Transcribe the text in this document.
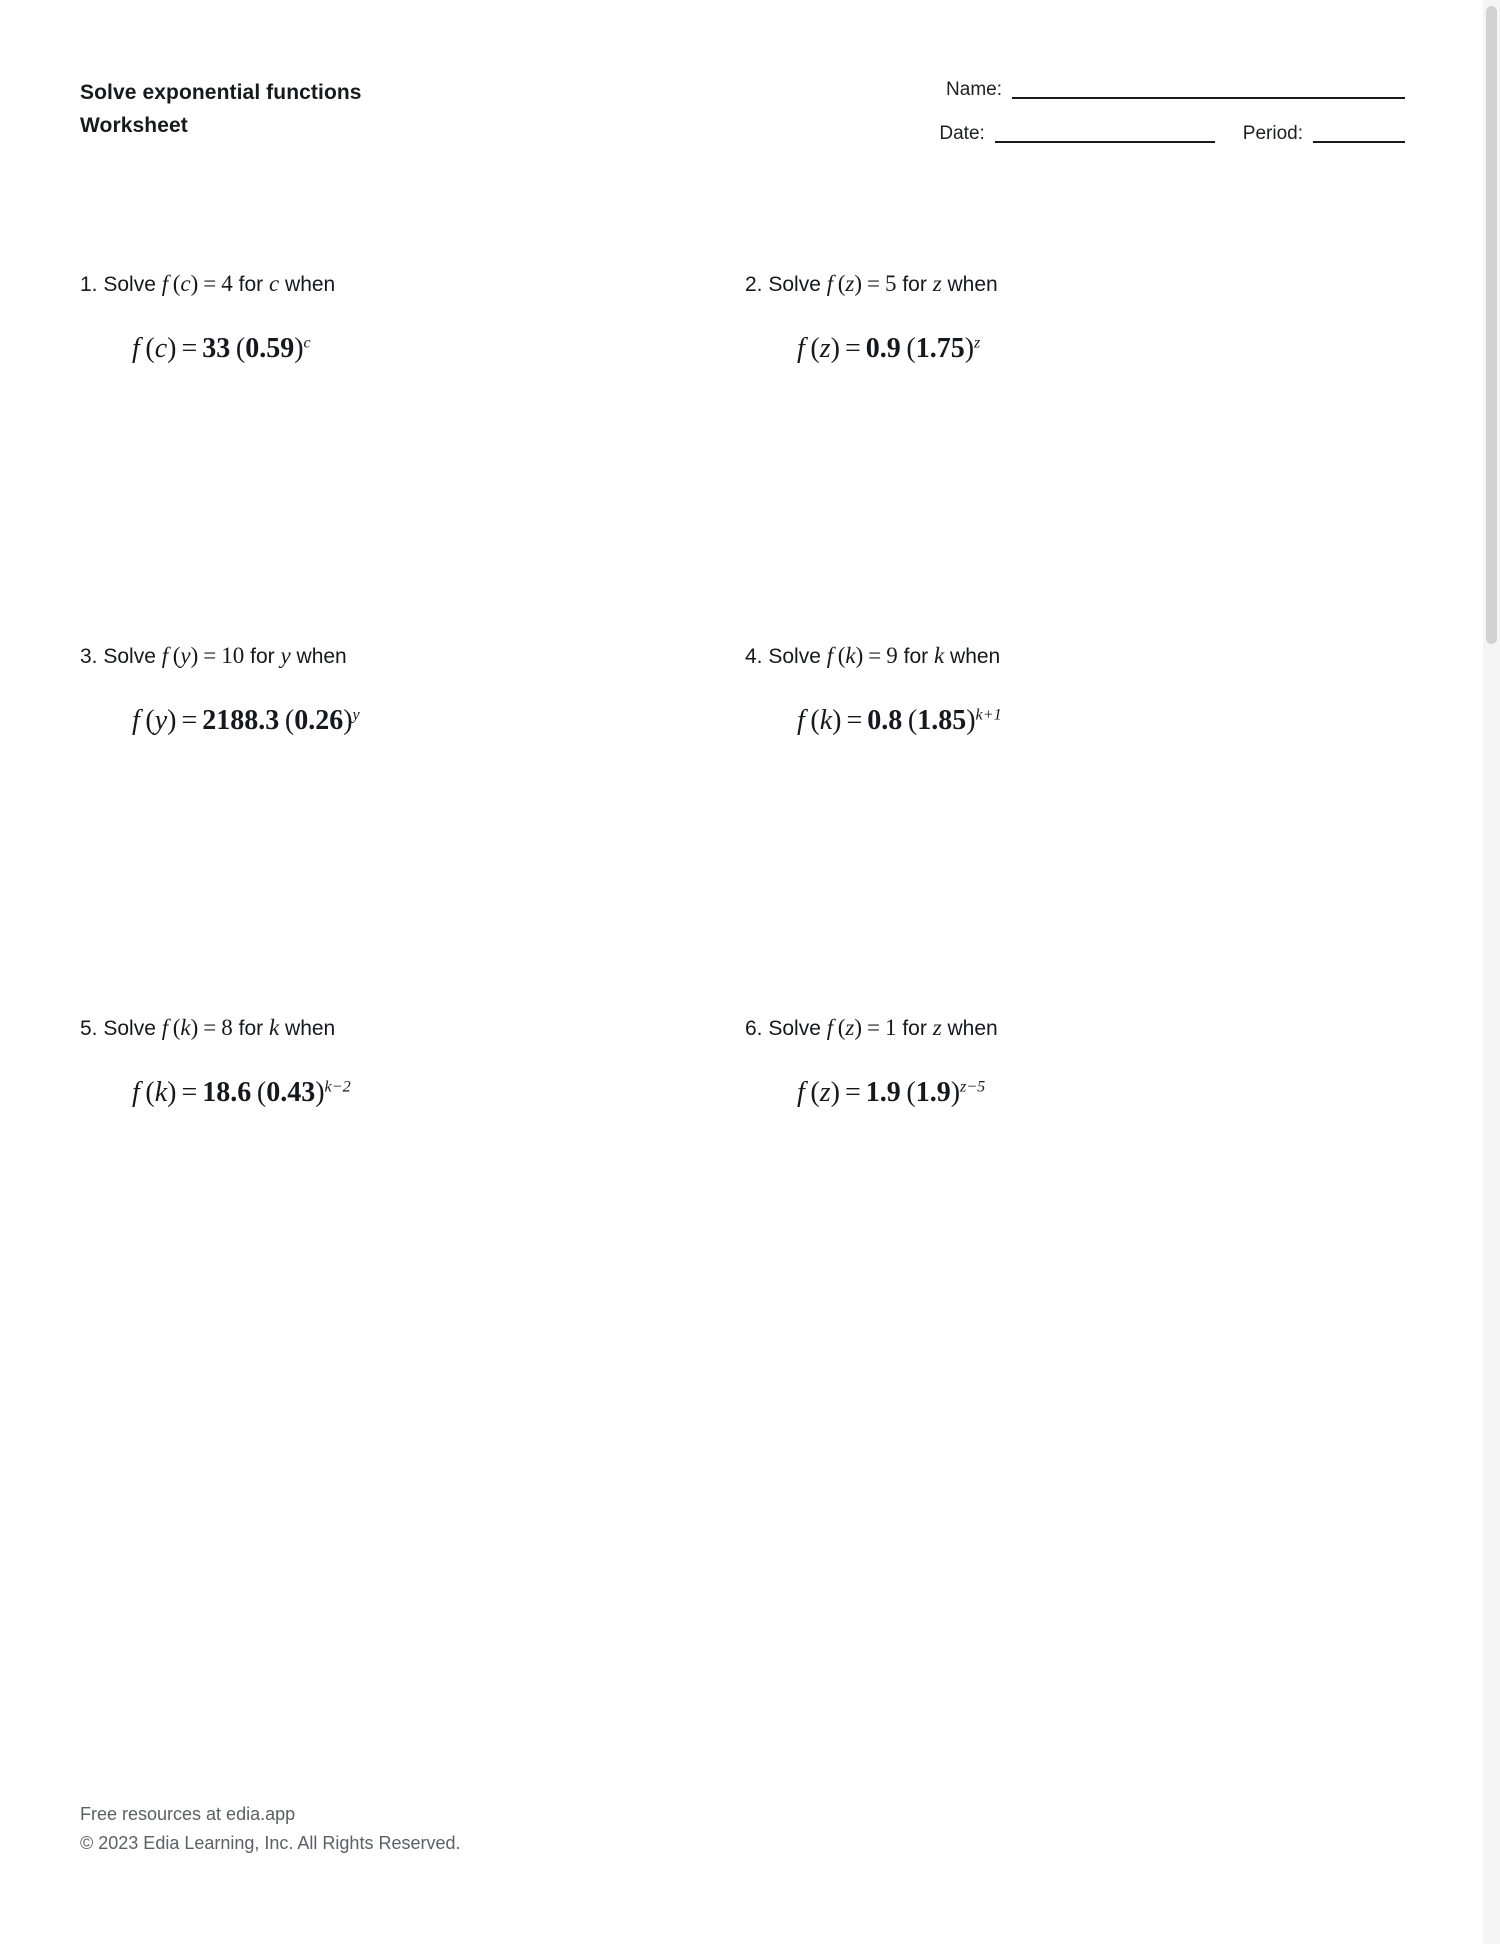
Solve exponential functions
Worksheet
Name:
Date:	Period:
1. Solve f (c) = 4 for c when
f (c) = 33 $(0.59)^c$
2. Solve f (z) = 5 for z when
f (z) = 0.9 $(1.75)^z$
3. Solve f (y) = 10 for y when
f (y) = 2188.3 $(0.26)^y$
4. Solve f (k) = 9 for k when
f (k) = 0.8 $(1.85)^{k+1}$
5. Solve f (k) = 8 for k when
f (k) = 18.6 $(0.43)^{k-2}$
6. Solve f (z) = 1 for z when
f (z) = 1.9 $(1.9)^{z-5}$
Free resources at edia.app
© 2023 Edia Learning, Inc. All Rights Reserved.
